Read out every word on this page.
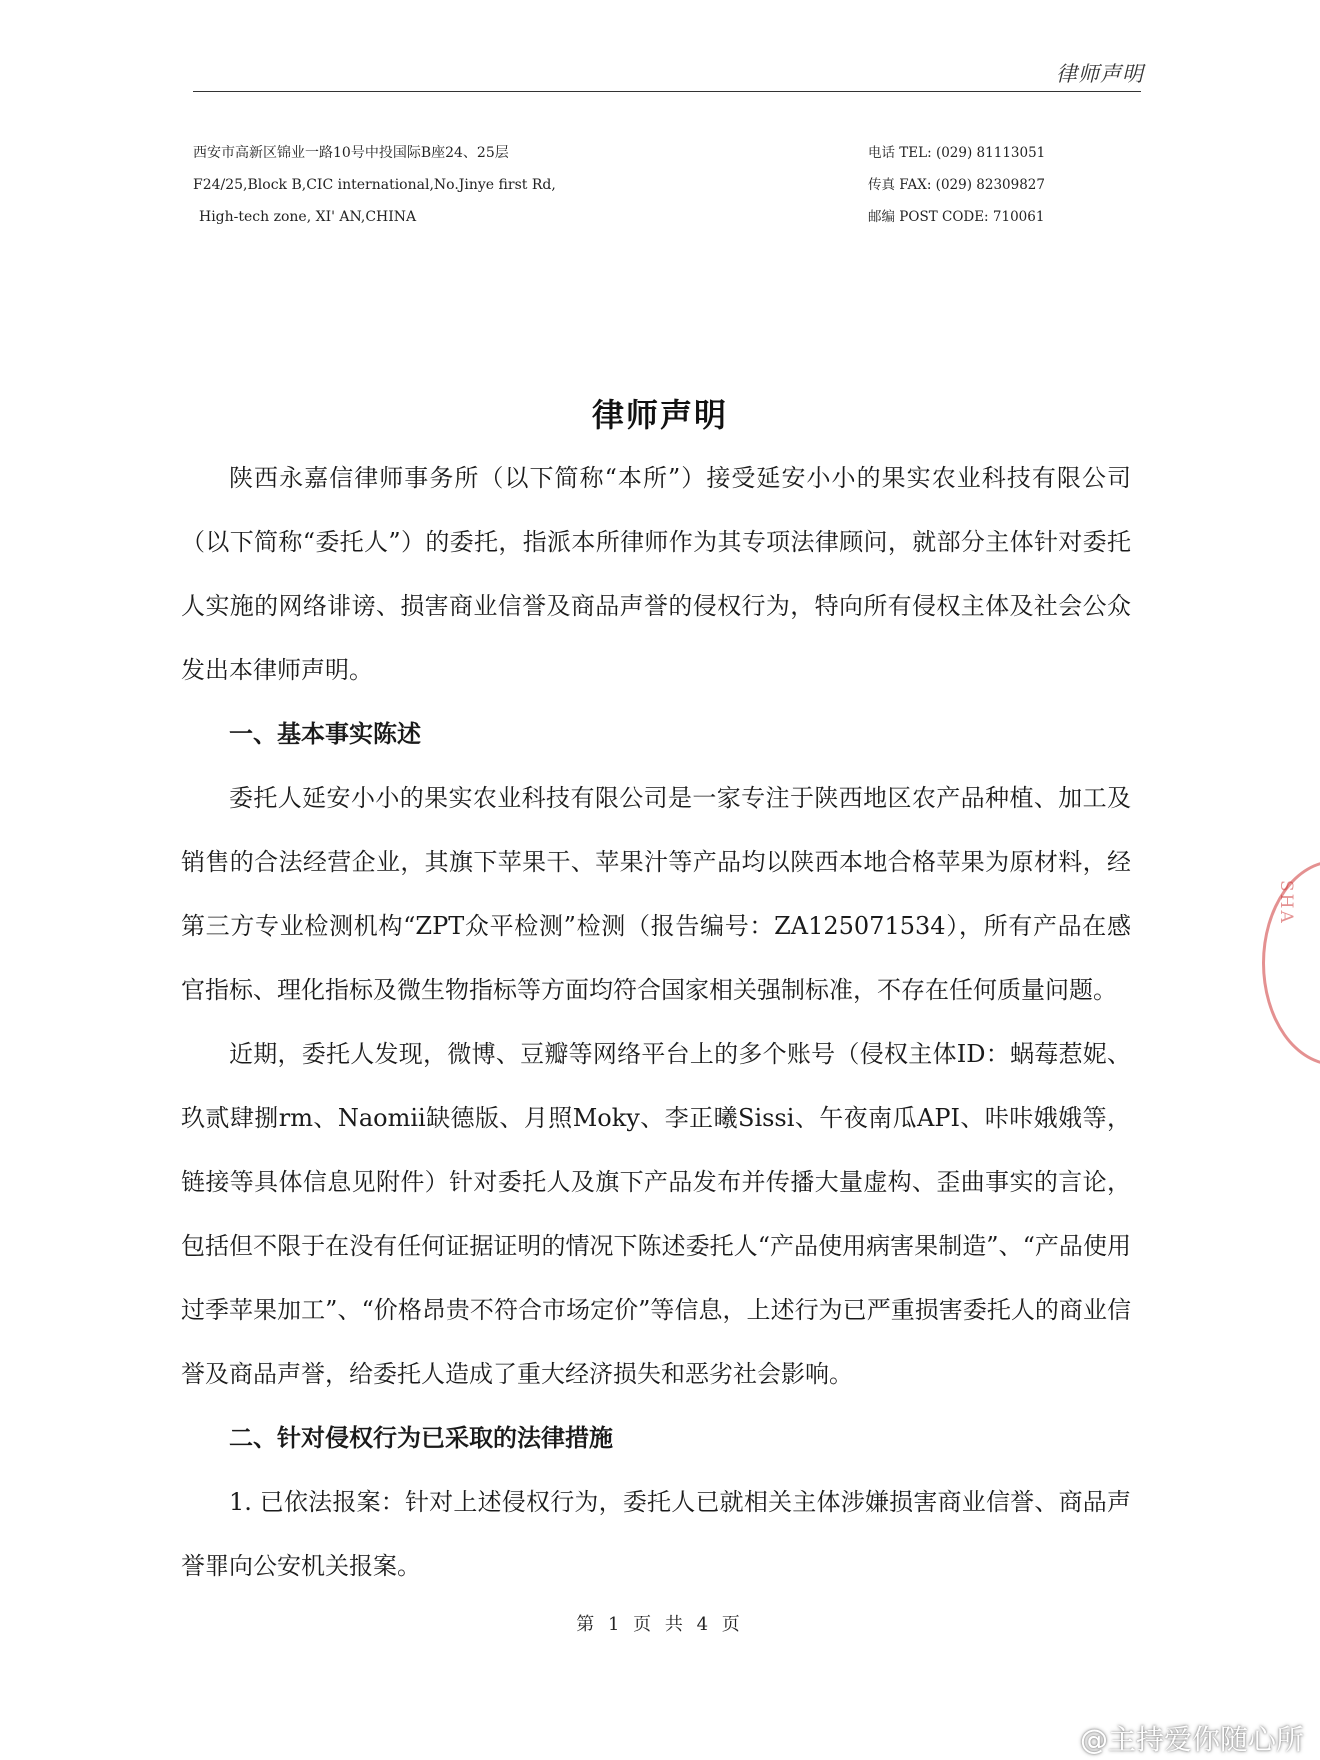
律师声明
西安市高新区锦业一路10号中投国际B座24、25层
F24/25,Block B,CIC international,No.Jinye first Rd,
High-tech zone, XI' AN,CHINA
电话 TEL: (029) 81113051
传真 FAX: (029) 82309827
邮编 POST CODE: 710061
律师声明

陕西永嘉信律师事务所（以下简称“本所”）接受延安小小的果实农业科技有限公司（以下简称“委托人”）的委托，指派本所律师作为其专项法律顾问，就部分主体针对委托人实施的网络诽谤、损害商业信誉及商品声誉的侵权行为，特向所有侵权主体及社会公众发出本律师声明。

一、基本事实陈述

委托人延安小小的果实农业科技有限公司是一家专注于陕西地区农产品种植、加工及销售的合法经营企业，其旗下苹果干、苹果汁等产品均以陕西本地合格苹果为原材料，经第三方专业检测机构“ZPT众平检测”检测（报告编号：ZA125071534），所有产品在感官指标、理化指标及微生物指标等方面均符合国家相关强制标准，不存在任何质量问题。

近期，委托人发现，微博、豆瓣等网络平台上的多个账号（侵权主体ID：蜗莓惹妮、玖贰肆捌rm、Naomii缺德版、月照Moky、李正曦Sissi、午夜南瓜API、咔咔娥娥等，链接等具体信息见附件）针对委托人及旗下产品发布并传播大量虚构、歪曲事实的言论，包括但不限于在没有任何证据证明的情况下陈述委托人“产品使用病害果制造”、“产品使用过季苹果加工”、“价格昂贵不符合市场定价”等信息，上述行为已严重损害委托人的商业信誉及商品声誉，给委托人造成了重大经济损失和恶劣社会影响。

二、针对侵权行为已采取的法律措施

1. 已依法报案：针对上述侵权行为，委托人已就相关主体涉嫌损害商业信誉、商品声誉罪向公安机关报案。

第 1 页 共 4 页
SHA
@主持爱你随心所
